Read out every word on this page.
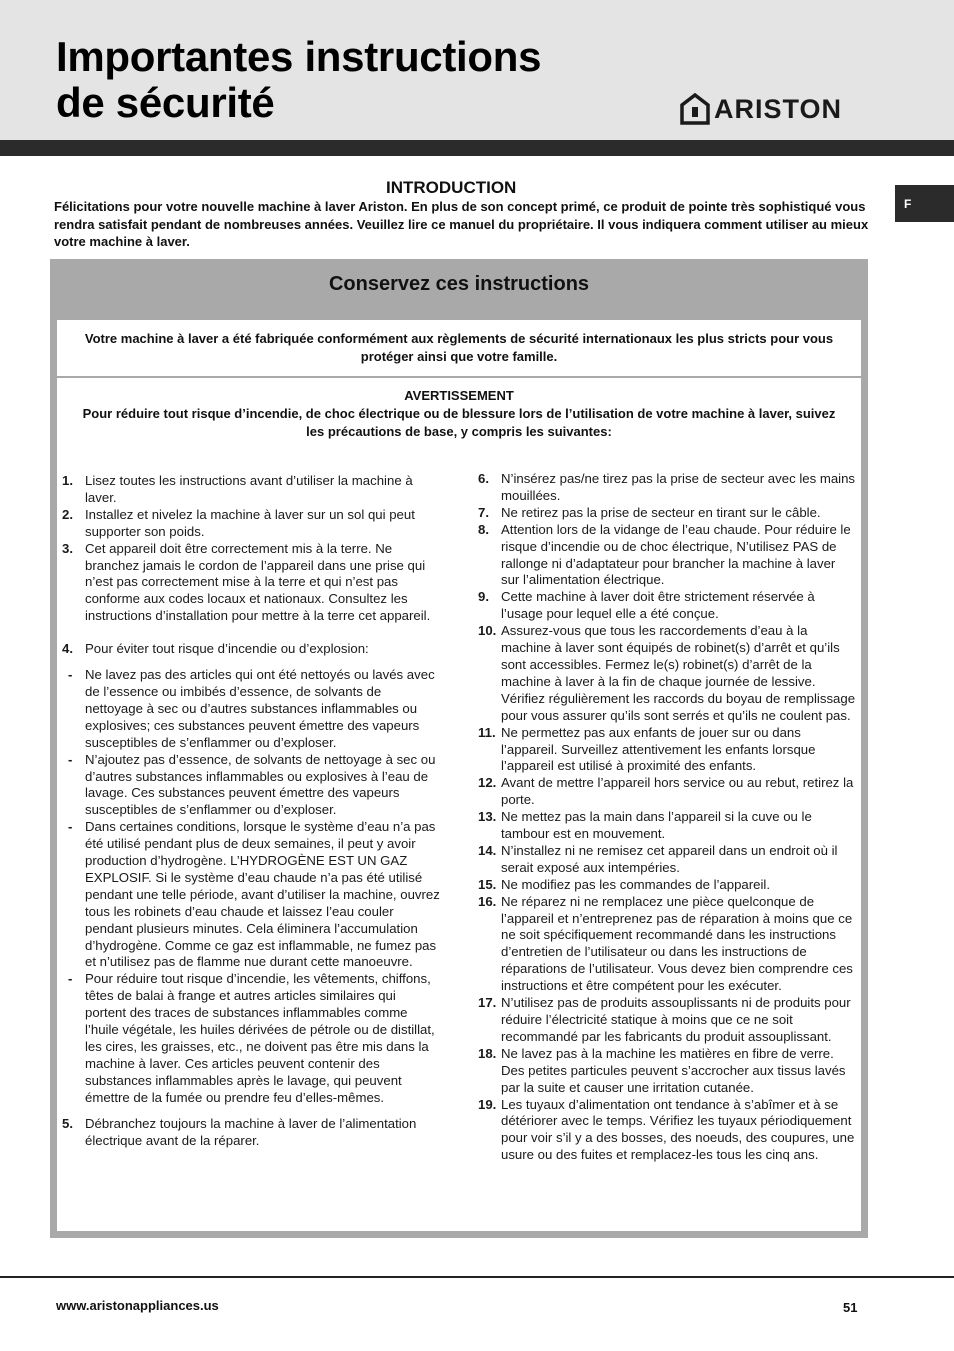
Importantes instructions
de sécurité	ARISTON
F
INTRODUCTION

Félicitations pour votre nouvelle machine à laver Ariston. En plus de son concept primé, ce produit de pointe très sophistiqué vous rendra satisfait pendant de nombreuses années. Veuillez lire ce manuel du propriétaire. Il vous indiquera comment utiliser au mieux votre machine à laver.

Conservez ces instructions
Votre machine à laver a été fabriquée conformément aux règlements de sécurité internationaux les plus stricts pour vous protéger ainsi que votre famille.
AVERTISSEMENT
Pour réduire tout risque d’incendie, de choc électrique ou de blessure lors de l’utilisation de votre machine à laver, suivez les précautions de base, y compris les suivantes:
1. Lisez toutes les instructions avant d’utiliser la machine à laver.
2. Installez et nivelez la machine à laver sur un sol qui peut supporter son poids.
3. Cet appareil doit être correctement mis à la terre. Ne branchez jamais le cordon de l’appareil dans une prise qui n’est pas correctement mise à la terre et qui n’est pas conforme aux codes locaux et nationaux. Consultez les instructions d’installation pour mettre à la terre cet appareil.
4. Pour éviter tout risque d’incendie ou d’explosion:
- Ne lavez pas des articles qui ont été nettoyés ou lavés avec de l’essence ou imbibés d’essence, de solvants de nettoyage à sec ou d’autres substances inflammables ou explosives; ces substances peuvent émettre des vapeurs susceptibles de s’enflammer ou d’exploser.
- N’ajoutez pas d’essence, de solvants de nettoyage à sec ou d’autres substances inflammables ou explosives à l’eau de lavage. Ces substances peuvent émettre des vapeurs susceptibles de s’enflammer ou d’exploser.
- Dans certaines conditions, lorsque le système d’eau n’a pas été utilisé pendant plus de deux semaines, il peut y avoir production d’hydrogène. L’HYDROGÈNE EST UN GAZ EXPLOSIF. Si le système d’eau chaude n’a pas été utilisé pendant une telle période, avant d’utiliser la machine, ouvrez tous les robinets d’eau chaude et laissez l’eau couler pendant plusieurs minutes. Cela éliminera l’accumulation d’hydrogène. Comme ce gaz est inflammable, ne fumez pas et n’utilisez pas de flamme nue durant cette manoeuvre.
- Pour réduire tout risque d’incendie, les vêtements, chiffons, têtes de balai à frange et autres articles similaires qui portent des traces de substances inflammables comme l’huile végétale, les huiles dérivées de pétrole ou de distillat, les cires, les graisses, etc., ne doivent pas être mis dans la machine à laver. Ces articles peuvent contenir des substances inflammables après le lavage, qui peuvent émettre de la fumée ou prendre feu d’elles-mêmes.
5. Débranchez toujours la machine à laver de l’alimentation électrique avant de la réparer.
6. N’insérez pas/ne tirez pas la prise de secteur avec les mains mouillées.
7. Ne retirez pas la prise de secteur en tirant sur le câble.
8. Attention lors de la vidange de l’eau chaude. Pour réduire le risque d’incendie ou de choc électrique, N’utilisez PAS de rallonge ni d’adaptateur pour brancher la machine à laver sur l’alimentation électrique.
9. Cette machine à laver doit être strictement réservée à l’usage pour lequel elle a été conçue.
10. Assurez-vous que tous les raccordements d’eau à la machine à laver sont équipés de robinet(s) d’arrêt et qu’ils sont accessibles. Fermez le(s) robinet(s) d’arrêt de la machine à laver à la fin de chaque journée de lessive. Vérifiez régulièrement les raccords du boyau de remplissage pour vous assurer qu’ils sont serrés et qu’ils ne coulent pas.
11. Ne permettez pas aux enfants de jouer sur ou dans l’appareil. Surveillez attentivement les enfants lorsque l’appareil est utilisé à proximité des enfants.
12. Avant de mettre l’appareil hors service ou au rebut, retirez la porte.
13. Ne mettez pas la main dans l’appareil si la cuve ou le tambour est en mouvement.
14. N’installez ni ne remisez cet appareil dans un endroit où il serait exposé aux intempéries.
15. Ne modifiez pas les commandes de l’appareil.
16. Ne réparez ni ne remplacez une pièce quelconque de l’appareil et n’entreprenez pas de réparation à moins que ce ne soit spécifiquement recommandé dans les instructions d’entretien de l’utilisateur ou dans les instructions de réparations de l’utilisateur. Vous devez bien comprendre ces instructions et être compétent pour les exécuter.
17. N’utilisez pas de produits assouplissants ni de produits pour réduire l’électricité statique à moins que ce ne soit recommandé par les fabricants du produit assouplissant.
18. Ne lavez pas à la machine les matières en fibre de verre. Des petites particules peuvent s’accrocher aux tissus lavés par la suite et causer une irritation cutanée.
19. Les tuyaux d’alimentation ont tendance à s’abîmer et à se détériorer avec le temps. Vérifiez les tuyaux périodiquement pour voir s’il y a des bosses, des noeuds, des coupures, une usure ou des fuites et remplacez-les tous les cinq ans.
www.aristonappliances.us	51
